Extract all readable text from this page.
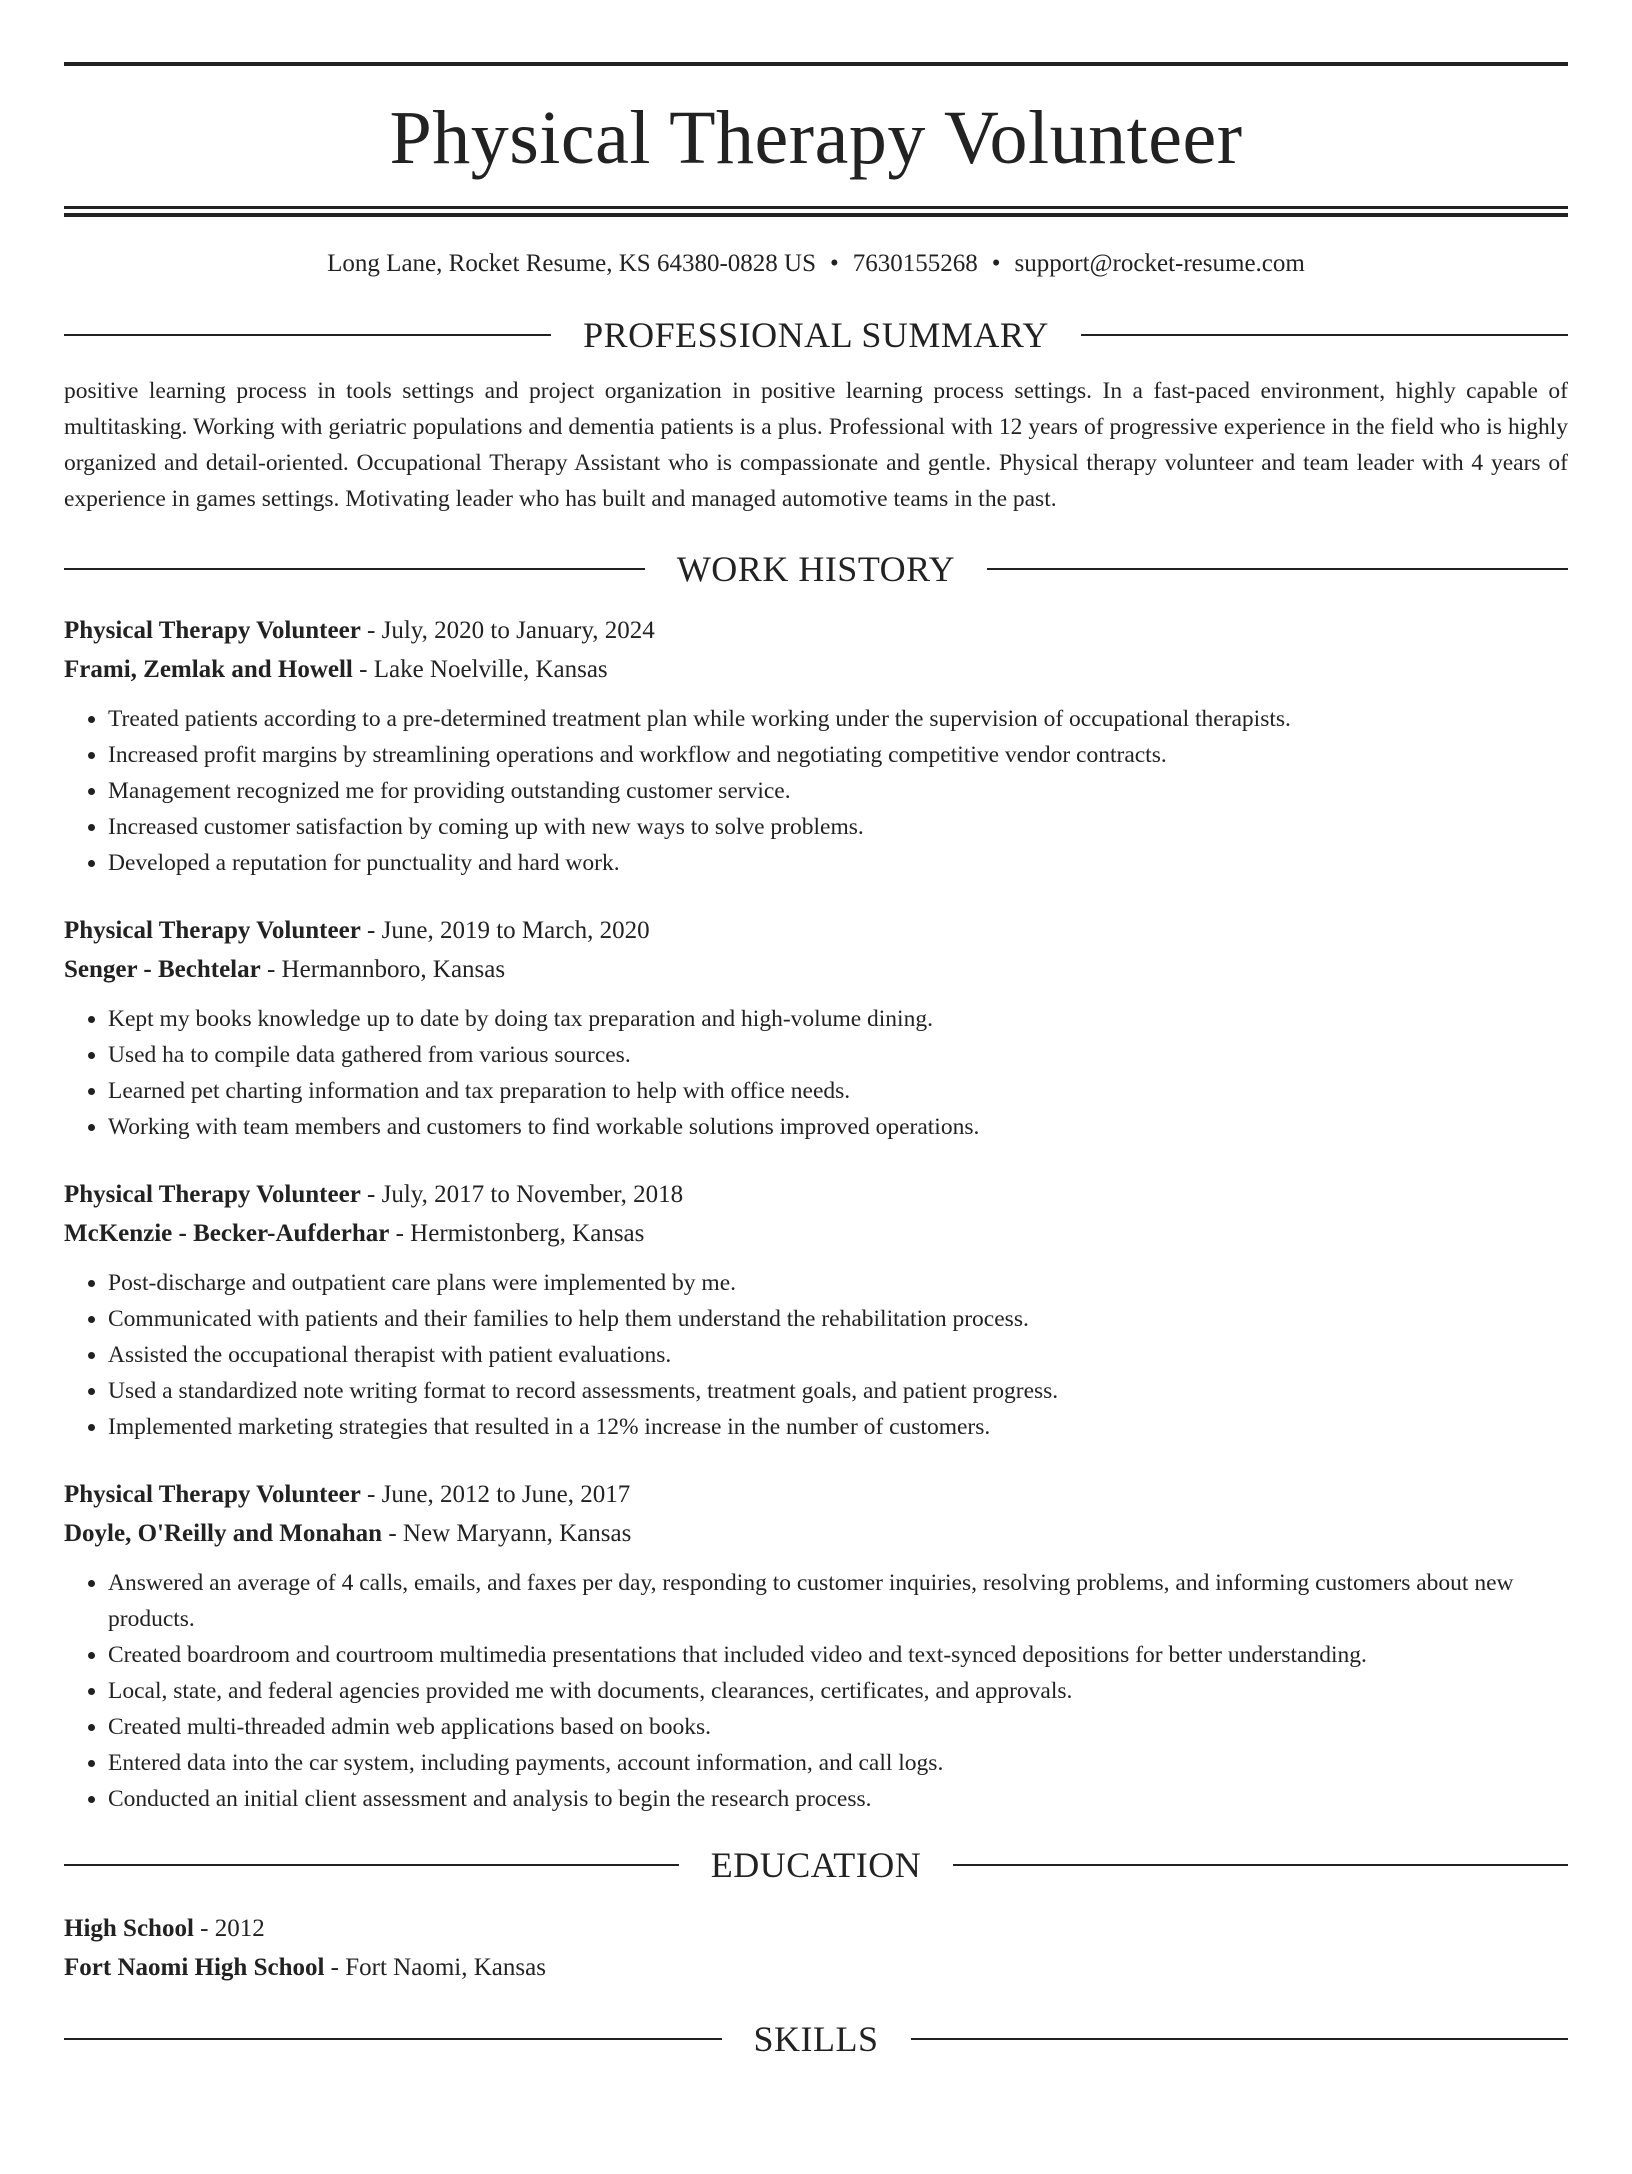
Physical Therapy Volunteer
Long Lane, Rocket Resume, KS 64380-0828 US • 7630155268 • support@rocket-resume.com
PROFESSIONAL SUMMARY
positive learning process in tools settings and project organization in positive learning process settings. In a fast-paced environment, highly capable of multitasking. Working with geriatric populations and dementia patients is a plus. Professional with 12 years of progressive experience in the field who is highly organized and detail-oriented. Occupational Therapy Assistant who is compassionate and gentle. Physical therapy volunteer and team leader with 4 years of experience in games settings. Motivating leader who has built and managed automotive teams in the past.
WORK HISTORY
Physical Therapy Volunteer - July, 2020 to January, 2024
Frami, Zemlak and Howell - Lake Noelville, Kansas
• Treated patients according to a pre-determined treatment plan while working under the supervision of occupational therapists.
• Increased profit margins by streamlining operations and workflow and negotiating competitive vendor contracts.
• Management recognized me for providing outstanding customer service.
• Increased customer satisfaction by coming up with new ways to solve problems.
• Developed a reputation for punctuality and hard work.
Physical Therapy Volunteer - June, 2019 to March, 2020
Senger - Bechtelar - Hermannboro, Kansas
• Kept my books knowledge up to date by doing tax preparation and high-volume dining.
• Used ha to compile data gathered from various sources.
• Learned pet charting information and tax preparation to help with office needs.
• Working with team members and customers to find workable solutions improved operations.
Physical Therapy Volunteer - July, 2017 to November, 2018
McKenzie - Becker-Aufderhar - Hermistonberg, Kansas
• Post-discharge and outpatient care plans were implemented by me.
• Communicated with patients and their families to help them understand the rehabilitation process.
• Assisted the occupational therapist with patient evaluations.
• Used a standardized note writing format to record assessments, treatment goals, and patient progress.
• Implemented marketing strategies that resulted in a 12% increase in the number of customers.
Physical Therapy Volunteer - June, 2012 to June, 2017
Doyle, O'Reilly and Monahan - New Maryann, Kansas
• Answered an average of 4 calls, emails, and faxes per day, responding to customer inquiries, resolving problems, and informing customers about new products.
• Created boardroom and courtroom multimedia presentations that included video and text-synced depositions for better understanding.
• Local, state, and federal agencies provided me with documents, clearances, certificates, and approvals.
• Created multi-threaded admin web applications based on books.
• Entered data into the car system, including payments, account information, and call logs.
• Conducted an initial client assessment and analysis to begin the research process.
EDUCATION
High School - 2012
Fort Naomi High School - Fort Naomi, Kansas
SKILLS
